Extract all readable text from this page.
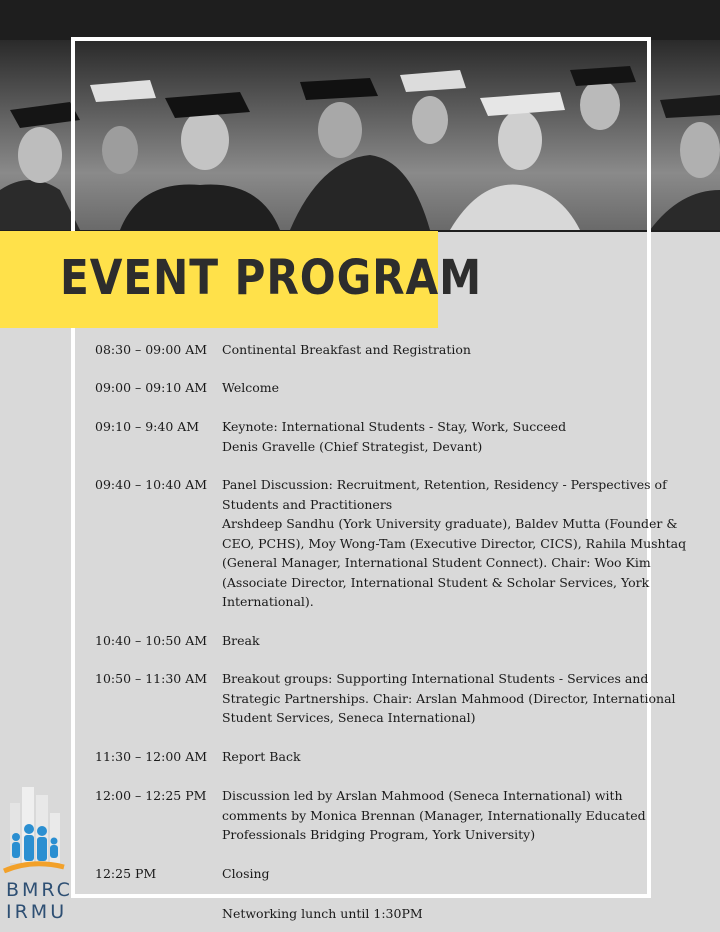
EVENT PROGRAM
08:30 – 09:00 AM Continental Breakfast and Registration
09:00 – 09:10 AM Welcome
09:10 – 9:40 AM Keynote: International Students - Stay, Work, Succeed
Denis Gravelle (Chief Strategist, Devant)
09:40 – 10:40 AM Panel Discussion: Recruitment, Retention, Residency - Perspectives of
Students and Practitioners
Arshdeep Sandhu (York University graduate), Baldev Mutta (Founder &
CEO, PCHS), Moy Wong-Tam (Executive Director, CICS), Rahila Mushtaq
(General Manager, International Student Connect). Chair: Woo Kim
(Associate Director, International Student & Scholar Services, York
International).
10:40 – 10:50 AM Break
10:50 – 11:30 AM Breakout groups: Supporting International Students - Services and
Strategic Partnerships. Chair: Arslan Mahmood (Director, International
Student Services, Seneca International)
11:30 – 12:00 AM Report Back
12:00 – 12:25 PM Discussion led by Arslan Mahmood (Seneca International) with
comments by Monica Brennan (Manager, Internationally Educated
Professionals Bridging Program, York University)
12:25 PM	Closing
Networking lunch until 1:30PM
BMRC
IRMU
